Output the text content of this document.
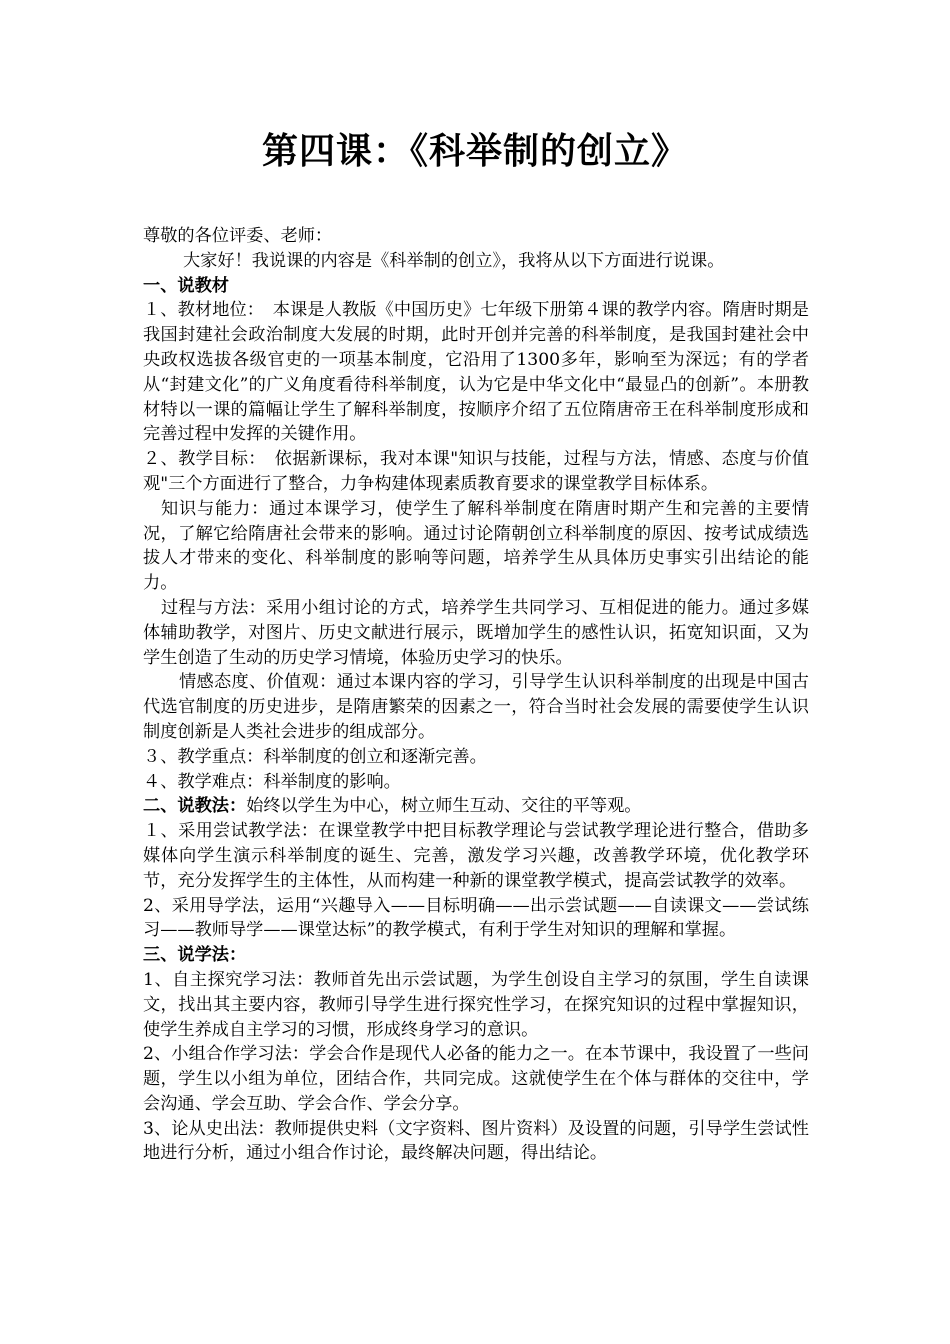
第四课：《科举制的创立》

尊敬的各位评委、老师：

大家好！我说课的内容是《科举制的创立》，我将从以下方面进行说课。

一、说教材

１、教材地位：　本课是人教版《中国历史》七年级下册第４课的教学内容。隋唐时期是我国封建社会政治制度大发展的时期，此时开创并完善的科举制度，是我国封建社会中央政权选拔各级官吏的一项基本制度，它沿用了1300多年，影响至为深远；有的学者从“封建文化”的广义角度看待科举制度，认为它是中华文化中“最显凸的创新”。本册教材特以一课的篇幅让学生了解科举制度，按顺序介绍了五位隋唐帝王在科举制度形成和完善过程中发挥的关键作用。

２、教学目标：　依据新课标，我对本课"知识与技能，过程与方法，情感、态度与价值观"三个方面进行了整合，力争构建体现素质教育要求的课堂教学目标体系。

知识与能力：通过本课学习，使学生了解科举制度在隋唐时期产生和完善的主要情况，了解它给隋唐社会带来的影响。通过讨论隋朝创立科举制度的原因、按考试成绩选拔人才带来的变化、科举制度的影响等问题，培养学生从具体历史事实引出结论的能力。

过程与方法：采用小组讨论的方式，培养学生共同学习、互相促进的能力。通过多媒体辅助教学，对图片、历史文献进行展示，既增加学生的感性认识，拓宽知识面，又为学生创造了生动的历史学习情境，体验历史学习的快乐。

情感态度、价值观：通过本课内容的学习，引导学生认识科举制度的出现是中国古代选官制度的历史进步，是隋唐繁荣的因素之一，符合当时社会发展的需要使学生认识制度创新是人类社会进步的组成部分。

３、教学重点：科举制度的创立和逐渐完善。

４、教学难点：科举制度的影响。

二、说教法：始终以学生为中心，树立师生互动、交往的平等观。

１、采用尝试教学法：在课堂教学中把目标教学理论与尝试教学理论进行整合，借助多媒体向学生演示科举制度的诞生、完善，激发学习兴趣，改善教学环境，优化教学环节，充分发挥学生的主体性，从而构建一种新的课堂教学模式，提高尝试教学的效率。

2、采用导学法，运用“兴趣导入——目标明确——出示尝试题——自读课文——尝试练习——教师导学——课堂达标”的教学模式，有利于学生对知识的理解和掌握。

三、说学法：

1、自主探究学习法：教师首先出示尝试题，为学生创设自主学习的氛围，学生自读课文，找出其主要内容，教师引导学生进行探究性学习，在探究知识的过程中掌握知识，使学生养成自主学习的习惯，形成终身学习的意识。

2、小组合作学习法：学会合作是现代人必备的能力之一。在本节课中，我设置了一些问题，学生以小组为单位，团结合作，共同完成。这就使学生在个体与群体的交往中，学会沟通、学会互助、学会合作、学会分享。

3、论从史出法：教师提供史料（文字资料、图片资料）及设置的问题，引导学生尝试性地进行分析，通过小组合作讨论，最终解决问题，得出结论。
